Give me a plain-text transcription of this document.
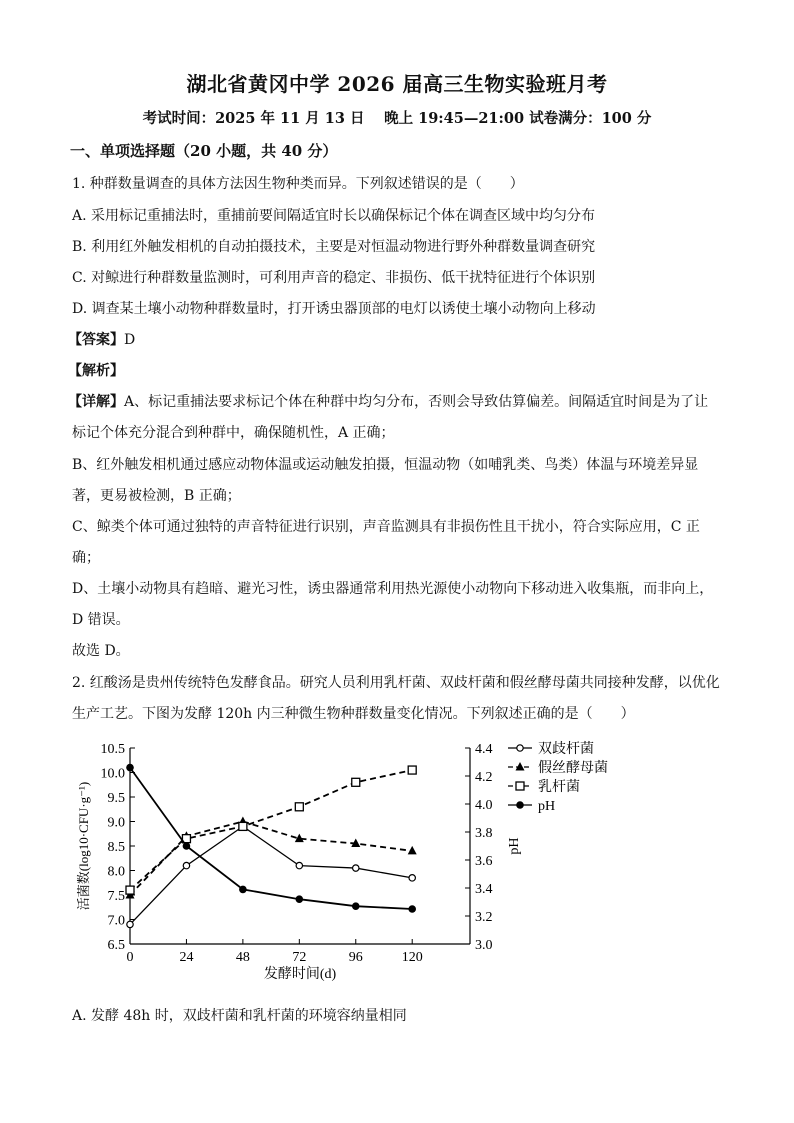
湖北省黄冈中学 2026 届高三生物实验班月考
考试时间：2025 年 11 月 13 日　 晚上 19:45—21:00 试卷满分：100 分
一、单项选择题（20 小题，共 40 分）
1. 种群数量调查的具体方法因生物种类而异。下列叙述错误的是（　　）
A. 采用标记重捕法时，重捕前要间隔适宜时长以确保标记个体在调查区域中均匀分布
B. 利用红外触发相机的自动拍摄技术，主要是对恒温动物进行野外种群数量调查研究
C. 对鲸进行种群数量监测时，可利用声音的稳定、非损伤、低干扰特征进行个体识别
D. 调查某土壤小动物种群数量时，打开诱虫器顶部的电灯以诱使土壤小动物向上移动
【答案】D
【解析】
【详解】A、标记重捕法要求标记个体在种群中均匀分布，否则会导致估算偏差。间隔适宜时间是为了让
标记个体充分混合到种群中，确保随机性，A 正确；
B、红外触发相机通过感应动物体温或运动触发拍摄，恒温动物（如哺乳类、鸟类）体温与环境差异显
著，更易被检测，B 正确；
C、鲸类个体可通过独特的声音特征进行识别，声音监测具有非损伤性且干扰小，符合实际应用，C 正
确；
D、土壤小动物具有趋暗、避光习性，诱虫器通常利用热光源使小动物向下移动进入收集瓶，而非向上，
D 错误。
故选 D。
2. 红酸汤是贵州传统特色发酵食品。研究人员利用乳杆菌、双歧杆菌和假丝酵母菌共同接种发酵，以优化
生产工艺。下图为发酵 120h 内三种微生物种群数量变化情况。下列叙述正确的是（　　）
6.5
7.0
7.5
8.0
8.5
9.0
9.5
10.0
10.5
3.0
3.2
3.4
3.6
3.8
4.0
4.2
4.4
0	24	48	72	96	120
发酵时间(d)
活菌数(log10·CFU·g⁻¹)	pH
双歧杆菌
假丝酵母菌
乳杆菌
pH
A. 发酵 48h 时，双歧杆菌和乳杆菌的环境容纳量相同
